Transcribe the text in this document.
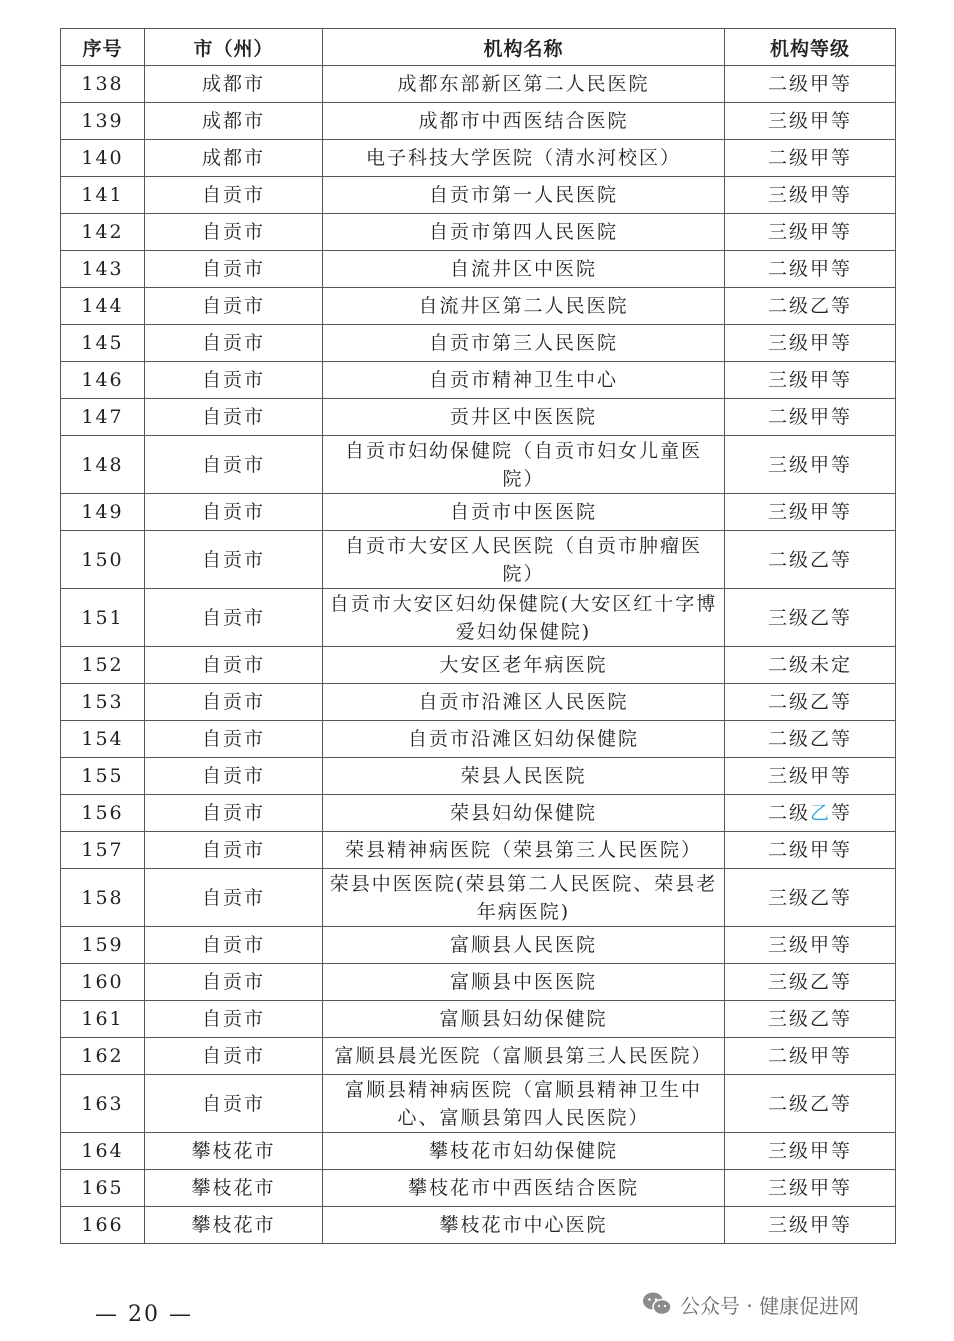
序号	市（州）	机构名称	机构等级
138	成都市	成都东部新区第二人民医院	二级甲等
139	成都市	成都市中西医结合医院	三级甲等
140	成都市	电子科技大学医院（清水河校区）	二级甲等
141	自贡市	自贡市第一人民医院	三级甲等
142	自贡市	自贡市第四人民医院	三级甲等
143	自贡市	自流井区中医院	二级甲等
144	自贡市	自流井区第二人民医院	二级乙等
145	自贡市	自贡市第三人民医院	三级甲等
146	自贡市	自贡市精神卫生中心	三级甲等
147	自贡市	贡井区中医医院	二级甲等
148	自贡市	自贡市妇幼保健院（自贡市妇女儿童医院）	三级甲等
149	自贡市	自贡市中医医院	三级甲等
150	自贡市	自贡市大安区人民医院（自贡市肿瘤医院）	二级乙等
151	自贡市	自贡市大安区妇幼保健院(大安区红十字博爱妇幼保健院)	三级乙等
152	自贡市	大安区老年病医院	二级未定
153	自贡市	自贡市沿滩区人民医院	二级乙等
154	自贡市	自贡市沿滩区妇幼保健院	二级乙等
155	自贡市	荣县人民医院	三级甲等
156	自贡市	荣县妇幼保健院	二级乙等
157	自贡市	荣县精神病医院（荣县第三人民医院）	二级甲等
158	自贡市	荣县中医医院(荣县第二人民医院、荣县老年病医院)	三级乙等
159	自贡市	富顺县人民医院	三级甲等
160	自贡市	富顺县中医医院	三级乙等
161	自贡市	富顺县妇幼保健院	三级乙等
162	自贡市	富顺县晨光医院（富顺县第三人民医院）	二级甲等
163	自贡市	富顺县精神病医院（富顺县精神卫生中心、富顺县第四人民医院）	二级乙等
164	攀枝花市	攀枝花市妇幼保健院	三级甲等
165	攀枝花市	攀枝花市中西医结合医院	三级甲等
166	攀枝花市	攀枝花市中心医院	三级甲等
— 20 —	公众号 · 健康促进网
